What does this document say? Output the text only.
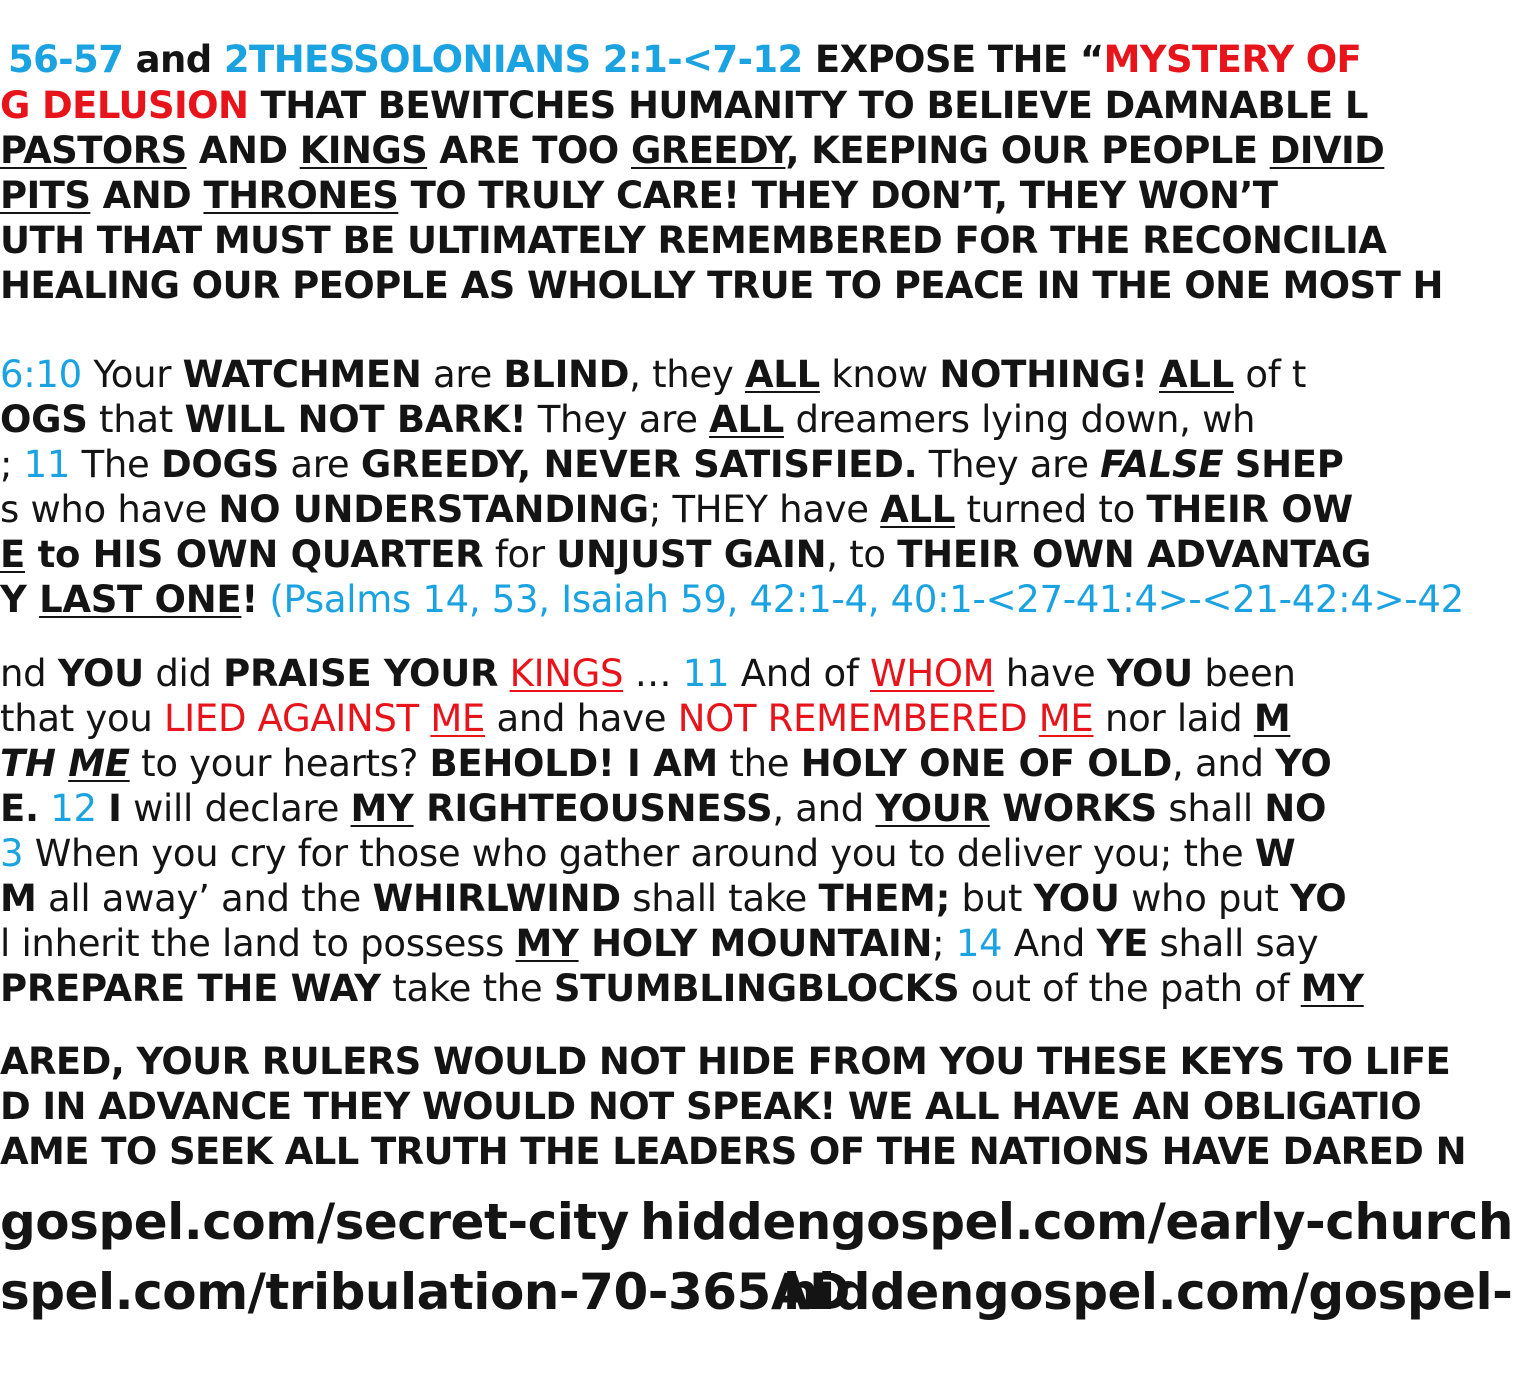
56-57 and 2THESSOLONIANS 2:1-<7-12 EXPOSE THE “MYSTERY OF
G DELUSION THAT BEWITCHES HUMANITY TO BELIEVE DAMNABLE L
PASTORS AND KINGS ARE TOO GREEDY, KEEPING OUR PEOPLE DIVID
PITS AND THRONES TO TRULY CARE! THEY DON’T, THEY WON’T
UTH THAT MUST BE ULTIMATELY REMEMBERED FOR THE RECONCILIA
HEALING OUR PEOPLE AS WHOLLY TRUE TO PEACE IN THE ONE MOST H
6:10 Your WATCHMEN are BLIND, they ALL know NOTHING! ALL of t
OGS that WILL NOT BARK! They are ALL dreamers lying down, wh
; 11 The DOGS are GREEDY, NEVER SATISFIED. They are FALSE SHEP
s who have NO UNDERSTANDING; THEY have ALL turned to THEIR OW
E to HIS OWN QUARTER for UNJUST GAIN, to THEIR OWN ADVANTAG
Y LAST ONE! (Psalms 14, 53, Isaiah 59, 42:1-4, 40:1-<27-41:4>-<21-42:4>-42
nd YOU did PRAISE YOUR KINGS … 11 And of WHOM have YOU been
that you LIED AGAINST ME and have NOT REMEMBERED ME nor laid M
TH ME to your hearts? BEHOLD! I AM the HOLY ONE OF OLD, and YO
E. 12 I will declare MY RIGHTEOUSNESS, and YOUR WORKS shall NO
3 When you cry for those who gather around you to deliver you; the W
M all away’ and the WHIRLWIND shall take THEM; but YOU who put YO
l inherit the land to possess MY HOLY MOUNTAIN; 14 And YE shall say
PREPARE THE WAY take the STUMBLINGBLOCKS out of the path of MY
ARED, YOUR RULERS WOULD NOT HIDE FROM YOU THESE KEYS TO LIFE
D IN ADVANCE THEY WOULD NOT SPEAK! WE ALL HAVE AN OBLIGATIO
AME TO SEEK ALL TRUTH THE LEADERS OF THE NATIONS HAVE DARED N
gospel.com/secret-city hiddengospel.com/early-church
spel.com/tribulation-70-365AD
hiddengospel.com/gospel-
